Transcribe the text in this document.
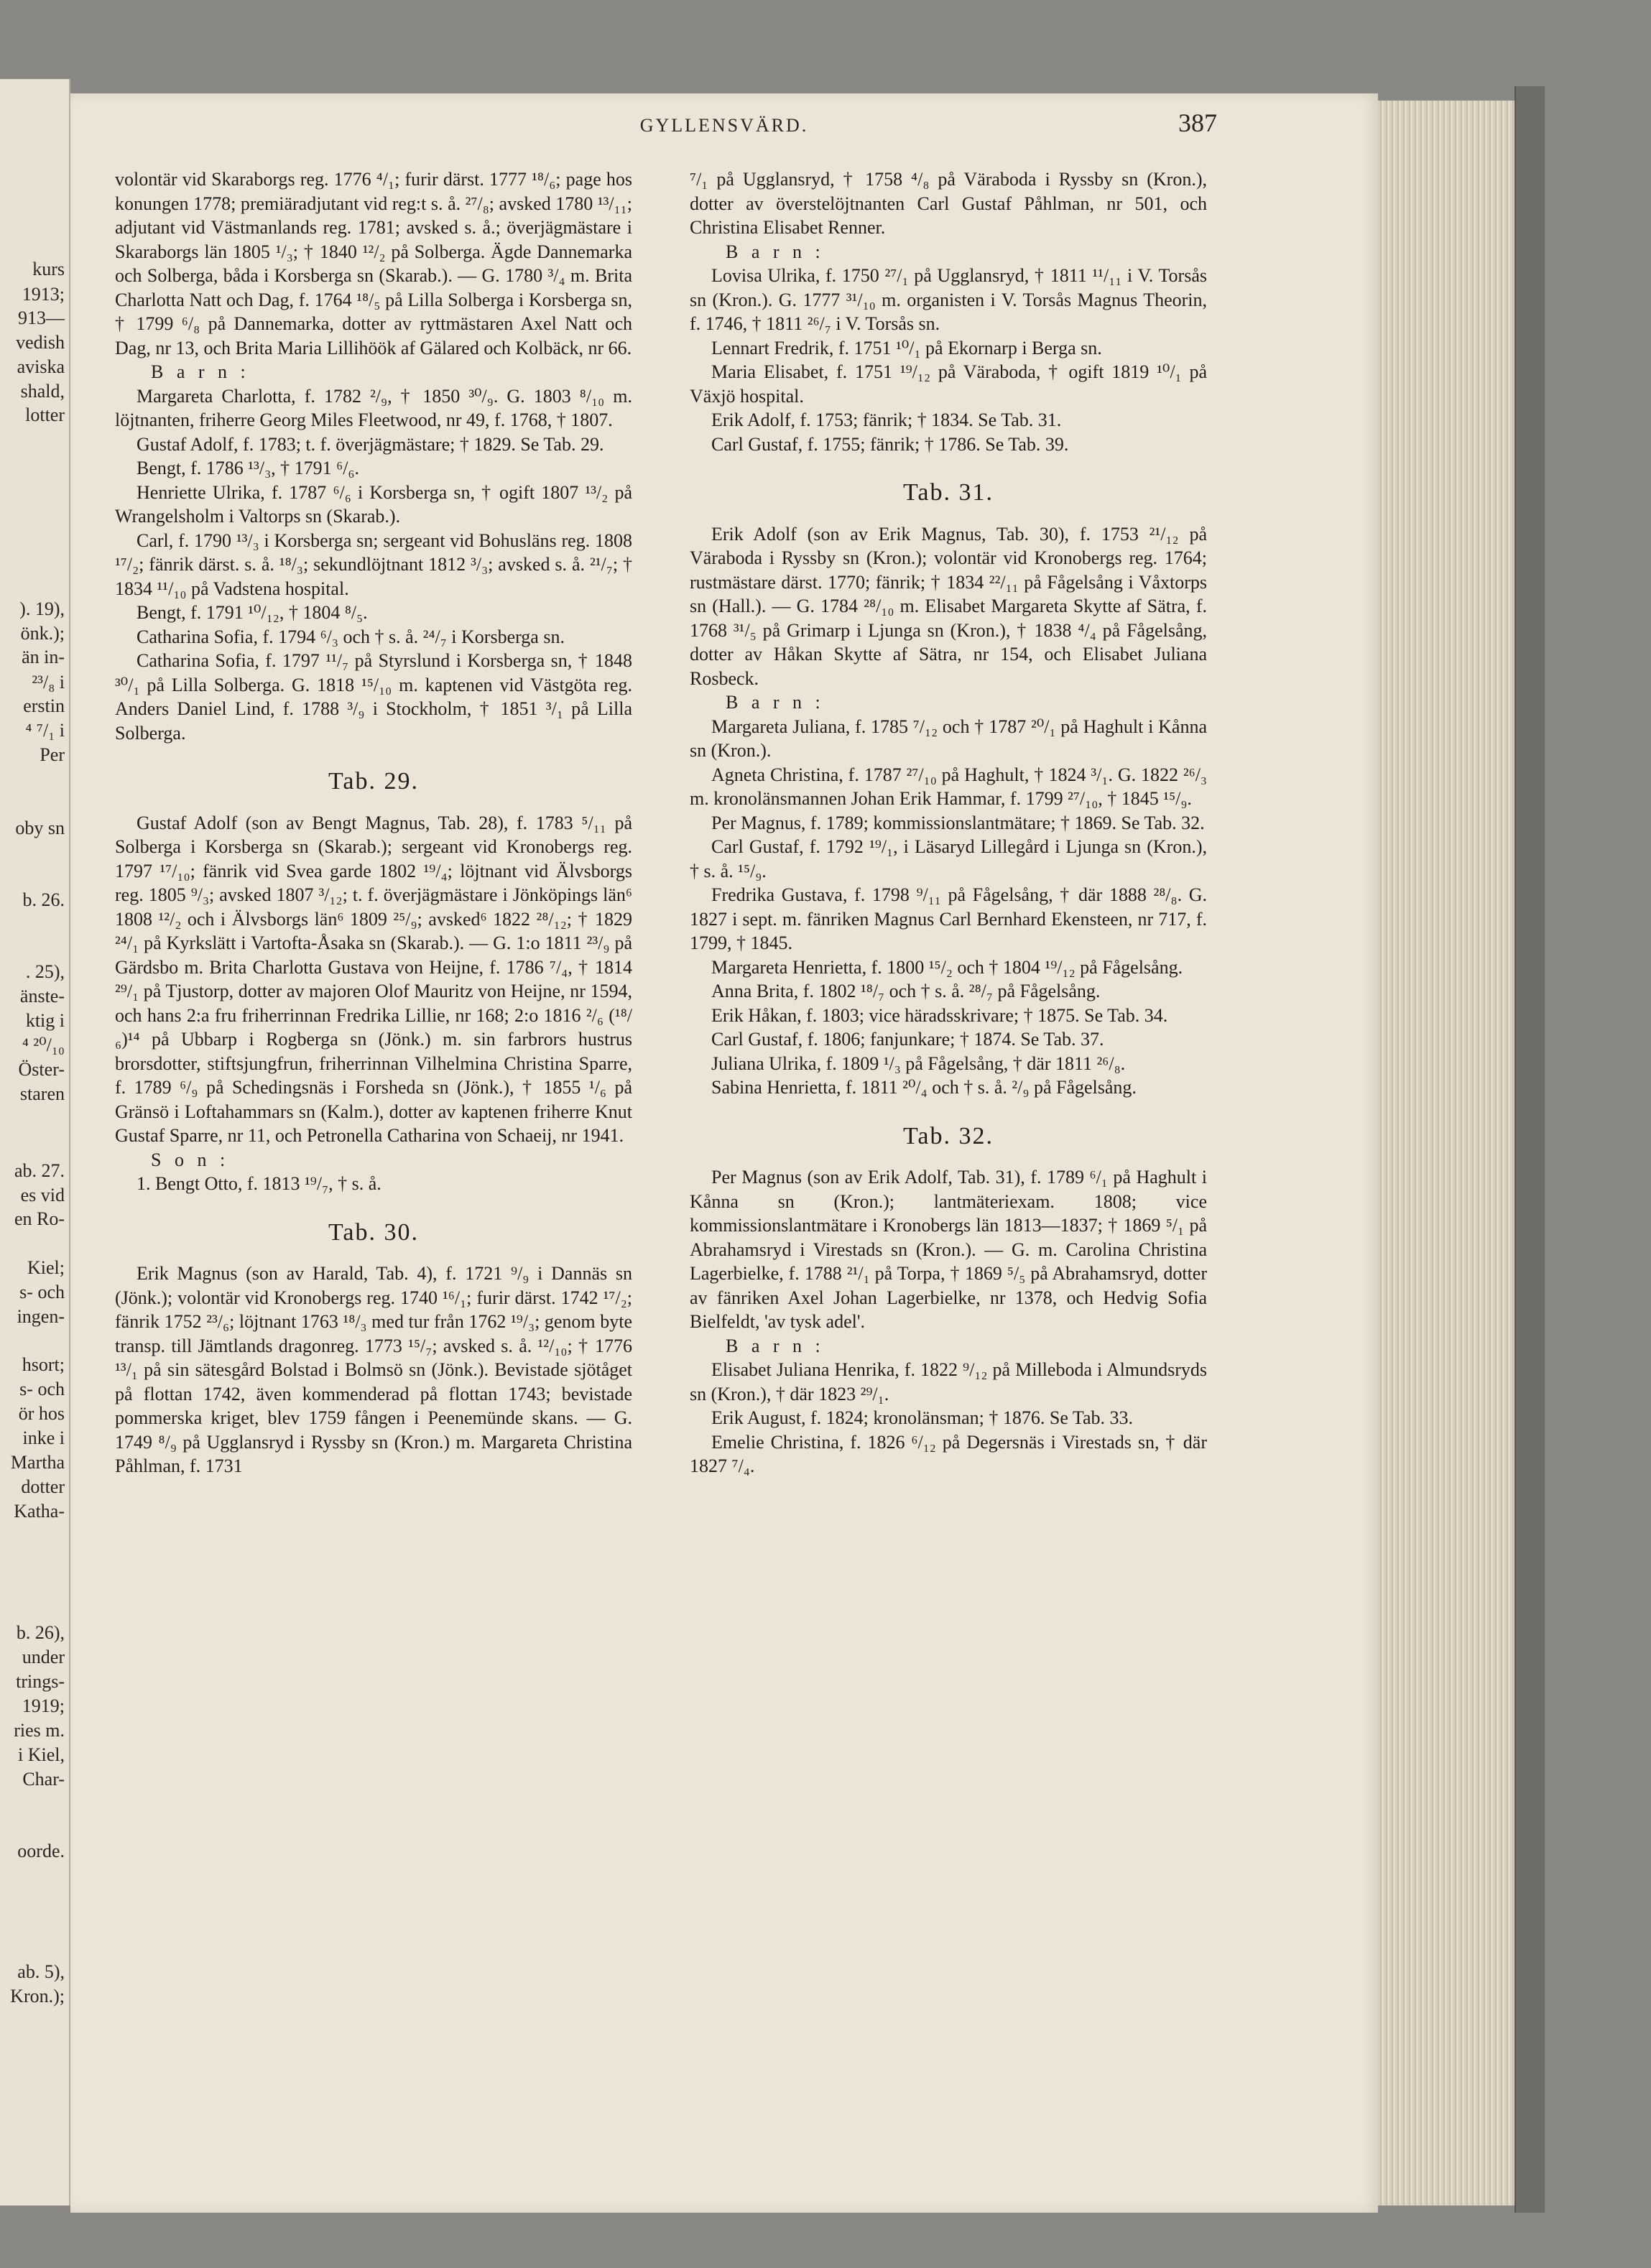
kurs
1913;
913—
vedish
aviska
shald,
lotter
). 19),
önk.);
än in-
²³/₈ i
erstin
⁴ ⁷/₁ i
Per
oby sn
b. 26.
. 25),
änste-
ktig i
⁴ ²⁰/₁₀
Öster-
staren
ab. 27.
es vid
en Ro-
Kiel;
s- och
ingen-
hsort;
s- och
ör hos
inke i
Martha
dotter
Katha-
b. 26),
under
trings-
1919;
ries m.
i Kiel,
Char-
oorde.
ab. 5),
Kron.);
GYLLENSVÄRD.	387

volontär vid Skaraborgs reg. 1776 ⁴/₁; furir därst. 1777 ¹⁸/₆; page hos konungen 1778; premiäradjutant vid reg:t s. å. ²⁷/₈; avsked 1780 ¹³/₁₁; adjutant vid Västmanlands reg. 1781; avsked s. å.; överjägmästare i Skaraborgs län 1805 ¹/₃; † 1840 ¹²/₂ på Solberga. Ägde Dannemarka och Solberga, båda i Korsberga sn (Skarab.). — G. 1780 ³/₄ m. Brita Charlotta Natt och Dag, f. 1764 ¹⁸/₅ på Lilla Solberga i Korsberga sn, † 1799 ⁶/₈ på Dannemarka, dotter av ryttmästaren Axel Natt och Dag, nr 13, och Brita Maria Lillihöök af Gälared och Kolbäck, nr 66.

B a r n :

Margareta Charlotta, f. 1782 ²/₉, † 1850 ³⁰/₉. G. 1803 ⁸/₁₀ m. löjtnanten, friherre Georg Miles Fleetwood, nr 49, f. 1768, † 1807.

Gustaf Adolf, f. 1783; t. f. överjägmästare; † 1829. Se Tab. 29.

Bengt, f. 1786 ¹³/₃, † 1791 ⁶/₆.

Henriette Ulrika, f. 1787 ⁶/₆ i Korsberga sn, † ogift 1807 ¹³/₂ på Wrangelsholm i Valtorps sn (Skarab.).

Carl, f. 1790 ¹³/₃ i Korsberga sn; sergeant vid Bohusläns reg. 1808 ¹⁷/₂; fänrik därst. s. å. ¹⁸/₃; sekundlöjtnant 1812 ³/₃; avsked s. å. ²¹/₇; † 1834 ¹¹/₁₀ på Vadstena hospital.

Bengt, f. 1791 ¹⁰/₁₂, † 1804 ⁸/₅.

Catharina Sofia, f. 1794 ⁶/₃ och † s. å. ²⁴/₇ i Korsberga sn.

Catharina Sofia, f. 1797 ¹¹/₇ på Styrslund i Korsberga sn, † 1848 ³⁰/₁ på Lilla Solberga. G. 1818 ¹⁵/₁₀ m. kaptenen vid Västgöta reg. Anders Daniel Lind, f. 1788 ³/₉ i Stockholm, † 1851 ³/₁ på Lilla Solberga.

Tab. 29.

Gustaf Adolf (son av Bengt Magnus, Tab. 28), f. 1783 ⁵/₁₁ på Solberga i Korsberga sn (Skarab.); sergeant vid Kronobergs reg. 1797 ¹⁷/₁₀; fänrik vid Svea garde 1802 ¹⁹/₄; löjtnant vid Älvsborgs reg. 1805 ⁹/₃; avsked 1807 ³/₁₂; t. f. överjägmästare i Jönköpings län⁶ 1808 ¹²/₂ och i Älvsborgs län⁶ 1809 ²⁵/₉; avsked⁶ 1822 ²⁸/₁₂; † 1829 ²⁴/₁ på Kyrkslätt i Vartofta-Åsaka sn (Skarab.). — G. 1:o 1811 ²³/₉ på Gärdsbo m. Brita Charlotta Gustava von Heijne, f. 1786 ⁷/₄, † 1814 ²⁹/₁ på Tjustorp, dotter av majoren Olof Mauritz von Heijne, nr 1594, och hans 2:a fru friherrinnan Fredrika Lillie, nr 168; 2:o 1816 ²/₆ (¹⁸/₆)¹⁴ på Ubbarp i Rogberga sn (Jönk.) m. sin farbrors hustrus brorsdotter, stiftsjungfrun, friherrinnan Vilhelmina Christina Sparre, f. 1789 ⁶/₉ på Schedingsnäs i Forsheda sn (Jönk.), † 1855 ¹/₆ på Gränsö i Loftahammars sn (Kalm.), dotter av kaptenen friherre Knut Gustaf Sparre, nr 11, och Petronella Catharina von Schaeij, nr 1941.

S o n :

1. Bengt Otto, f. 1813 ¹⁹/₇, † s. å.

Tab. 30.

Erik Magnus (son av Harald, Tab. 4), f. 1721 ⁹/₉ i Dannäs sn (Jönk.); volontär vid Kronobergs reg. 1740 ¹⁶/₁; furir därst. 1742 ¹⁷/₂; fänrik 1752 ²³/₆; löjtnant 1763 ¹⁸/₃ med tur från 1762 ¹⁹/₃; genom byte transp. till Jämtlands dragonreg. 1773 ¹⁵/₇; avsked s. å. ¹²/₁₀; † 1776 ¹³/₁ på sin sätesgård Bolstad i Bolmsö sn (Jönk.). Bevistade sjötåget på flottan 1742, även kommenderad på flottan 1743; bevistade pommerska kriget, blev 1759 fången i Peenemünde skans. — G. 1749 ⁸/₉ på Ugglansryd i Ryssby sn (Kron.) m. Margareta Christina Påhlman, f. 1731

⁷/₁ på Ugglansryd, † 1758 ⁴/₈ på Väraboda i Ryssby sn (Kron.), dotter av överstelöjtnanten Carl Gustaf Påhlman, nr 501, och Christina Elisabet Renner.

B a r n :

Lovisa Ulrika, f. 1750 ²⁷/₁ på Ugglansryd, † 1811 ¹¹/₁₁ i V. Torsås sn (Kron.). G. 1777 ³¹/₁₀ m. organisten i V. Torsås Magnus Theorin, f. 1746, † 1811 ²⁶/₇ i V. Torsås sn.

Lennart Fredrik, f. 1751 ¹⁰/₁ på Ekornarp i Berga sn.

Maria Elisabet, f. 1751 ¹⁹/₁₂ på Väraboda, † ogift 1819 ¹⁰/₁ på Växjö hospital.

Erik Adolf, f. 1753; fänrik; † 1834. Se Tab. 31.

Carl Gustaf, f. 1755; fänrik; † 1786. Se Tab. 39.

Tab. 31.

Erik Adolf (son av Erik Magnus, Tab. 30), f. 1753 ²¹/₁₂ på Väraboda i Ryssby sn (Kron.); volontär vid Kronobergs reg. 1764; rustmästare därst. 1770; fänrik; † 1834 ²²/₁₁ på Fågelsång i Våxtorps sn (Hall.). — G. 1784 ²⁸/₁₀ m. Elisabet Margareta Skytte af Sätra, f. 1768 ³¹/₅ på Grimarp i Ljunga sn (Kron.), † 1838 ⁴/₄ på Fågelsång, dotter av Håkan Skytte af Sätra, nr 154, och Elisabet Juliana Rosbeck.

B a r n :

Margareta Juliana, f. 1785 ⁷/₁₂ och † 1787 ²⁰/₁ på Haghult i Kånna sn (Kron.).

Agneta Christina, f. 1787 ²⁷/₁₀ på Haghult, † 1824 ³/₁. G. 1822 ²⁶/₃ m. kronolänsmannen Johan Erik Hammar, f. 1799 ²⁷/₁₀, † 1845 ¹⁵/₉.

Per Magnus, f. 1789; kommissionslantmätare; † 1869. Se Tab. 32.

Carl Gustaf, f. 1792 ¹⁹/₁, i Läsaryd Lillegård i Ljunga sn (Kron.), † s. å. ¹⁵/₉.

Fredrika Gustava, f. 1798 ⁹/₁₁ på Fågelsång, † där 1888 ²⁸/₈. G. 1827 i sept. m. fänriken Magnus Carl Bernhard Ekensteen, nr 717, f. 1799, † 1845.

Margareta Henrietta, f. 1800 ¹⁵/₂ och † 1804 ¹⁹/₁₂ på Fågelsång.

Anna Brita, f. 1802 ¹⁸/₇ och † s. å. ²⁸/₇ på Fågelsång.

Erik Håkan, f. 1803; vice häradsskrivare; † 1875. Se Tab. 34.

Carl Gustaf, f. 1806; fanjunkare; † 1874. Se Tab. 37.

Juliana Ulrika, f. 1809 ¹/₃ på Fågelsång, † där 1811 ²⁶/₈.

Sabina Henrietta, f. 1811 ²⁰/₄ och † s. å. ²/₉ på Fågelsång.

Tab. 32.

Per Magnus (son av Erik Adolf, Tab. 31), f. 1789 ⁶/₁ på Haghult i Kånna sn (Kron.); lantmäteriexam. 1808; vice kommissionslantmätare i Kronobergs län 1813—1837; † 1869 ⁵/₁ på Abrahamsryd i Virestads sn (Kron.). — G. m. Carolina Christina Lagerbielke, f. 1788 ²¹/₁ på Torpa, † 1869 ⁵/₅ på Abrahamsryd, dotter av fänriken Axel Johan Lagerbielke, nr 1378, och Hedvig Sofia Bielfeldt, 'av tysk adel'.

B a r n :

Elisabet Juliana Henrika, f. 1822 ⁹/₁₂ på Milleboda i Almundsryds sn (Kron.), † där 1823 ²⁹/₁.

Erik August, f. 1824; kronolänsman; † 1876. Se Tab. 33.

Emelie Christina, f. 1826 ⁶/₁₂ på Degersnäs i Virestads sn, † där 1827 ⁷/₄.
